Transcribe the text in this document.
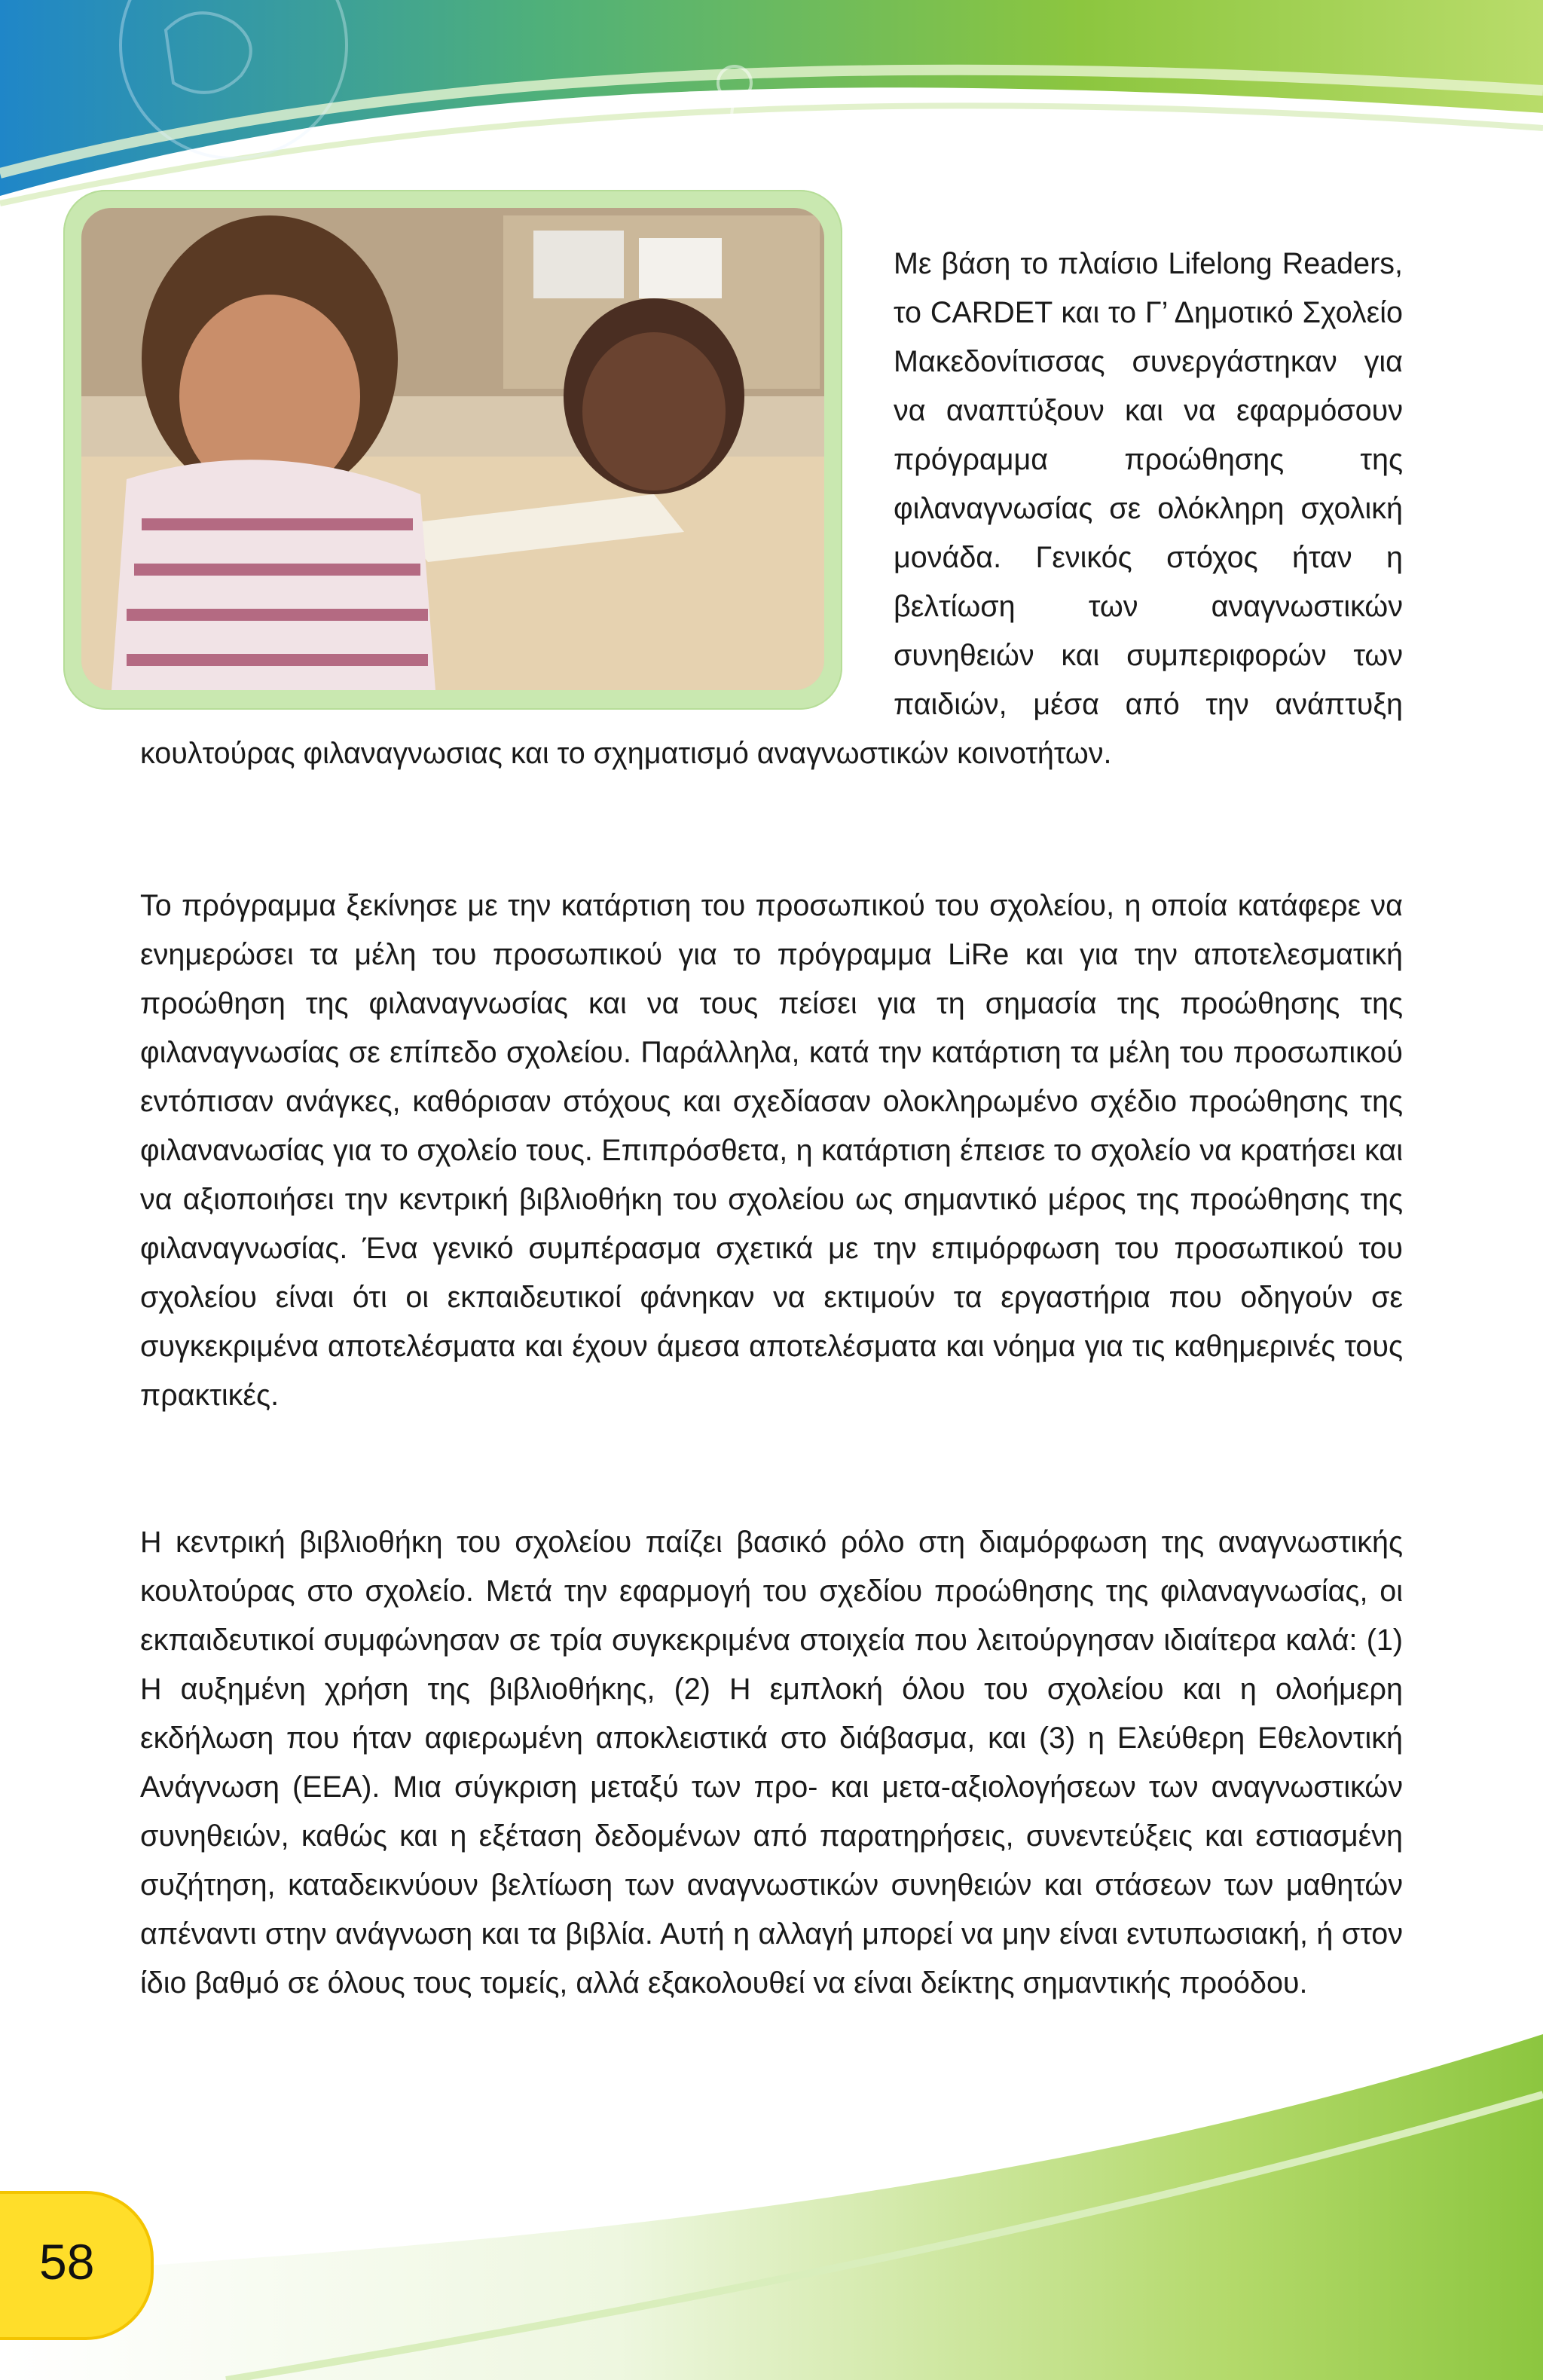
Με βάση το πλαίσιο Lifelong Readers, το CARDET και το Γ’ Δημοτικό Σχολείο Μακεδονίτισσας συνεργάστηκαν για να αναπτύξουν και να εφαρμόσουν πρόγραμμα προώθησης της φιλαναγνωσίας σε ολόκληρη σχολική μονάδα. Γενικός στόχος ήταν η βελτίωση των αναγνωστικών συνηθειών και συμπεριφορών των παιδιών, μέσα από την ανάπτυξη κουλτούρας φιλαναγνωσιας και το σχηματισμό αναγνωστικών κοινοτήτων.

Το πρόγραμμα ξεκίνησε με την κατάρτιση του προσωπικού του σχολείου, η οποία κατάφερε να ενημερώσει τα μέλη του προσωπικού για το πρόγραμμα LiRe και για την αποτελεσματική προώθηση της φιλαναγνωσίας και να τους πείσει για τη σημασία της προώθησης της φιλαναγνωσίας σε επίπεδο σχολείου. Παράλληλα, κατά την κατάρτιση τα μέλη του προσωπικού εντόπισαν ανάγκες, καθόρισαν στόχους και σχεδίασαν ολοκληρωμένο σχέδιο προώθησης της φιλανανωσίας για το σχολείο τους. Επιπρόσθετα, η κατάρτιση έπεισε το σχολείο να κρατήσει και να αξιοποιήσει την κεντρική βιβλιοθήκη του σχολείου ως σημαντικό μέρος της προώθησης της φιλαναγνωσίας. Ένα γενικό συμπέρασμα σχετικά με την επιμόρφωση του προσωπικού του σχολείου είναι ότι οι εκπαιδευτικοί φάνηκαν να εκτιμούν τα εργαστήρια που οδηγούν σε συγκεκριμένα αποτελέσματα και έχουν άμεσα αποτελέσματα και νόημα για τις καθημερινές τους πρακτικές.

Η κεντρική βιβλιοθήκη του σχολείου παίζει βασικό ρόλο στη διαμόρφωση της αναγνωστικής κουλτούρας στο σχολείο. Μετά την εφαρμογή του σχεδίου προώθησης της φιλαναγνωσίας, οι εκπαιδευτικοί συμφώνησαν σε τρία συγκεκριμένα στοιχεία που λειτούργησαν ιδιαίτερα καλά: (1) Η αυξημένη χρήση της βιβλιοθήκης, (2) Η εμπλοκή όλου του σχολείου και η ολοήμερη εκδήλωση που ήταν αφιερωμένη αποκλειστικά στο διάβασμα, και (3) η Ελεύθερη Εθελοντική Ανάγνωση (ΕΕΑ). Μια σύγκριση μεταξύ των προ- και μετα-αξιολογήσεων των αναγνωστικών συνηθειών, καθώς και η εξέταση δεδομένων από παρατηρήσεις, συνεντεύξεις και εστιασμένη συζήτηση, καταδεικνύουν βελτίωση των αναγνωστικών συνηθειών και στάσεων των μαθητών απέναντι στην ανάγνωση και τα βιβλία. Αυτή η αλλαγή μπορεί να μην είναι εντυπωσιακή, ή στον ίδιο βαθμό σε όλους τους τομείς, αλλά εξακολουθεί να είναι δείκτης σημαντικής προόδου.

58
